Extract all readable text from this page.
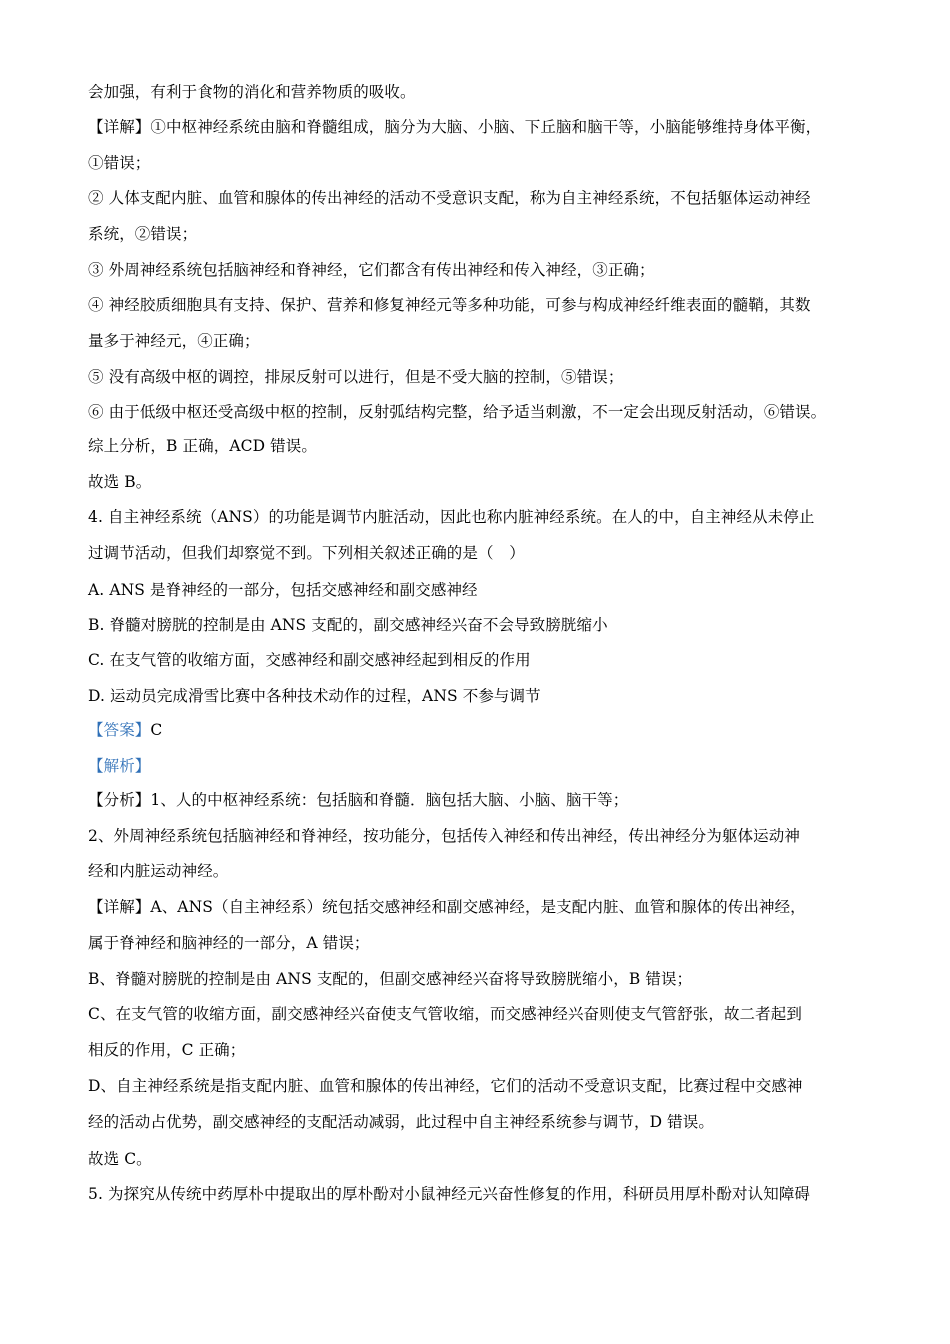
会加强，有利于食物的消化和营养物质的吸收。
【详解】①中枢神经系统由脑和脊髓组成，脑分为大脑、小脑、下丘脑和脑干等，小脑能够维持身体平衡，
①错误；
② 人体支配内脏、血管和腺体的传出神经的活动不受意识支配，称为自主神经系统，不包括躯体运动神经
系统，②错误；
③ 外周神经系统包括脑神经和脊神经，它们都含有传出神经和传入神经，③正确；
④ 神经胶质细胞具有支持、保护、营养和修复神经元等多种功能，可参与构成神经纤维表面的髓鞘，其数
量多于神经元，④正确；
⑤ 没有高级中枢的调控，排尿反射可以进行，但是不受大脑的控制，⑤错误；
⑥ 由于低级中枢还受高级中枢的控制，反射弧结构完整，给予适当刺激，不一定会出现反射活动，⑥错误。
综上分析，B 正确，ACD 错误。
故选 B。
4. 自主神经系统（ANS）的功能是调节内脏活动，因此也称内脏神经系统。在人的中，自主神经从未停止
过调节活动，但我们却察觉不到。下列相关叙述正确的是（　）
A. ANS 是脊神经的一部分，包括交感神经和副交感神经
B. 脊髓对膀胱的控制是由 ANS 支配的，副交感神经兴奋不会导致膀胱缩小
C. 在支气管的收缩方面，交感神经和副交感神经起到相反的作用
D. 运动员完成滑雪比赛中各种技术动作的过程，ANS 不参与调节
【答案】C
【解析】
【分析】1、人的中枢神经系统：包括脑和脊髓．脑包括大脑、小脑、脑干等；
2、外周神经系统包括脑神经和脊神经，按功能分，包括传入神经和传出神经，传出神经分为躯体运动神
经和内脏运动神经。
【详解】A、ANS（自主神经系）统包括交感神经和副交感神经，是支配内脏、血管和腺体的传出神经，
属于脊神经和脑神经的一部分，A 错误；
B、脊髓对膀胱的控制是由 ANS 支配的，但副交感神经兴奋将导致膀胱缩小，B 错误；
C、在支气管的收缩方面，副交感神经兴奋使支气管收缩，而交感神经兴奋则使支气管舒张，故二者起到
相反的作用，C 正确；
D、自主神经系统是指支配内脏、血管和腺体的传出神经，它们的活动不受意识支配，比赛过程中交感神
经的活动占优势，副交感神经的支配活动减弱，此过程中自主神经系统参与调节，D 错误。
故选 C。
5. 为探究从传统中药厚朴中提取出的厚朴酚对小鼠神经元兴奋性修复的作用，科研员用厚朴酚对认知障碍
